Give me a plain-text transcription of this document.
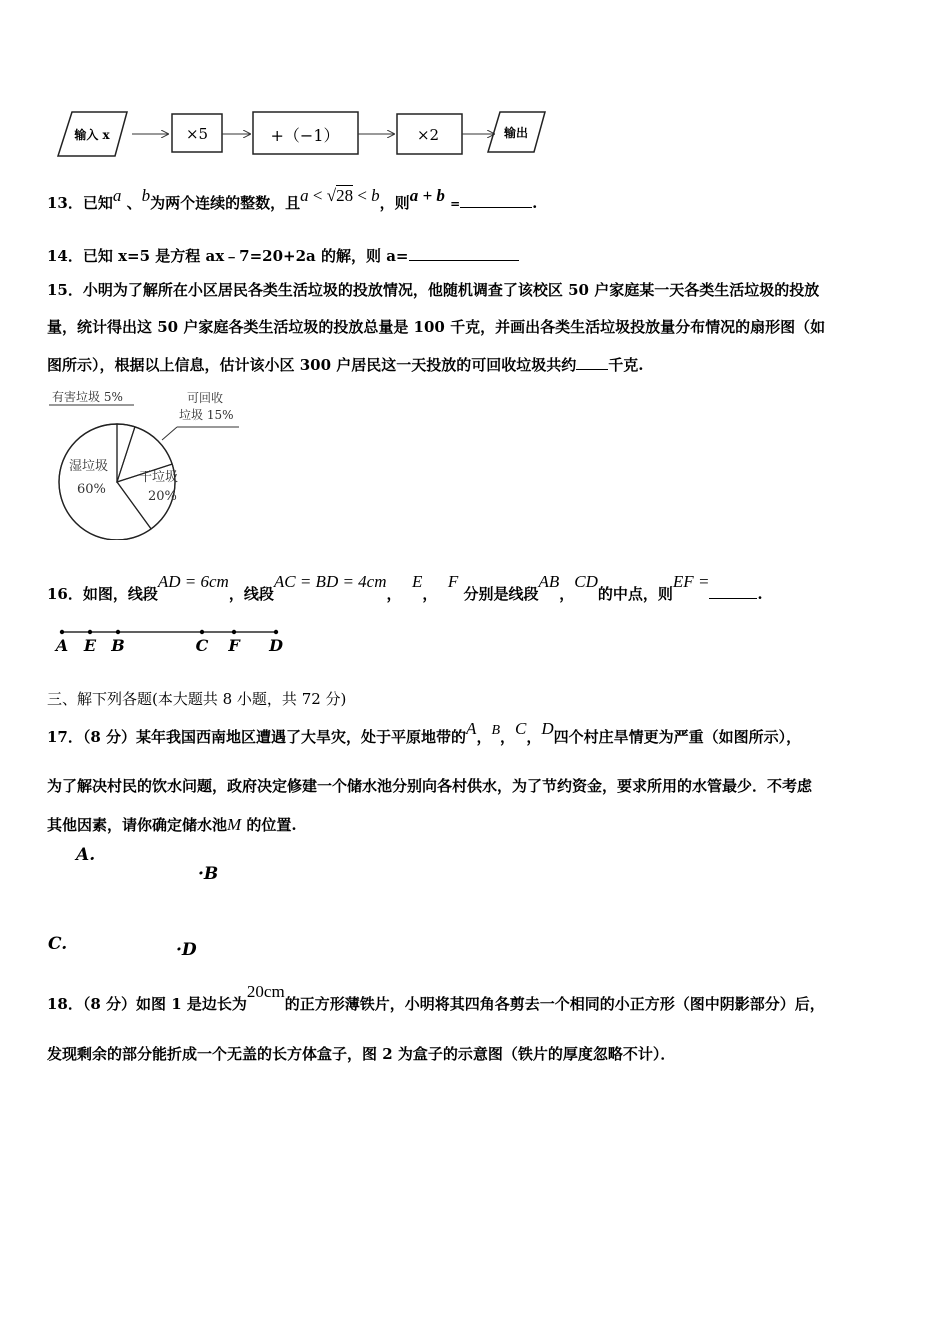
输入 x	×5	+（−1）	×2	输出
13．已知a 、b为两个连续的整数，且a < √28 < b，则a + b =	.
14．已知 x=5 是方程 ax﹣7=20+2a 的解，则 a=
15．小明为了解所在小区居民各类生活垃圾的投放情况，他随机调查了该校区 50 户家庭某一天各类生活垃圾的投放
量，统计得出这 50 户家庭各类生活垃圾的投放总量是 100 千克，并画出各类生活垃圾投放量分布情况的扇形图（如
图所示），根据以上信息，估计该小区 300 户居民这一天投放的可回收垃圾共约 千克.
有害垃圾 5%	可回收
垃圾 15%
干垃圾
20%
湿垃圾
60%
16．如图，线段AD = 6cm，线段AC = BD = 4cm，  E，  F 分别是线段AB，CD的中点，则EF =.
A E B	C F D
三、解下列各题(本大题共 8 小题，共 72 分)
17．（8 分）某年我国西南地区遭遇了大旱灾，处于平原地带的A，B，C，D四个村庄旱情更为严重（如图所示），
为了解决村民的饮水问题，政府决定修建一个储水池分别向各村供水，为了节约资金，要求所用的水管最少．不考虑
其他因素，请你确定储水池M 的位置.
A.
·B
C.	·D
18．（8 分）如图 1 是边长为20cm的正方形薄铁片，小明将其四角各剪去一个相同的小正方形（图中阴影部分）后，
发现剩余的部分能折成一个无盖的长方体盒子，图 2 为盒子的示意图（铁片的厚度忽略不计）．
